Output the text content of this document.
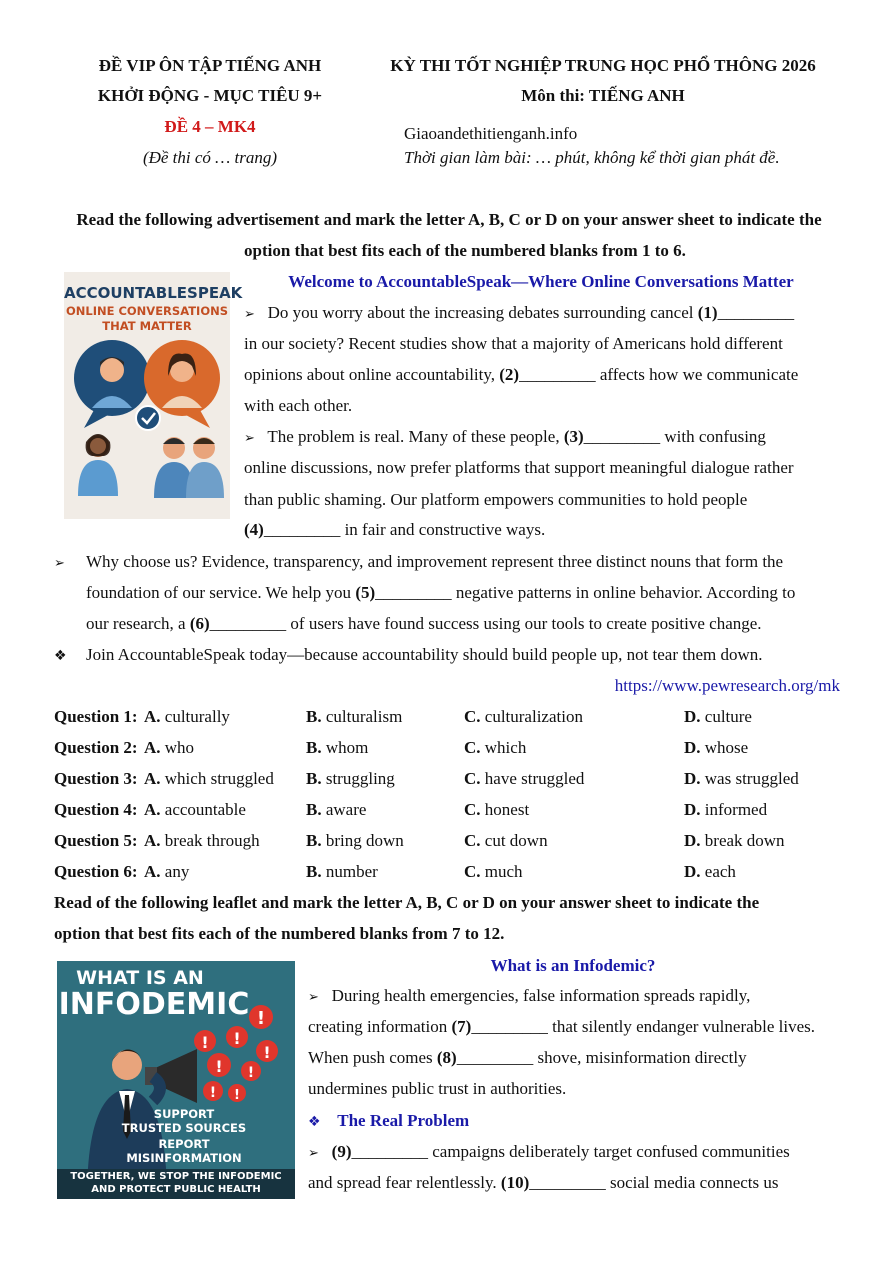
ĐỀ VIP ÔN TẬP TIẾNG ANH
KHỞI ĐỘNG - MỤC TIÊU 9+
ĐỀ 4 – MK4
(Đề thi có … trang)
KỲ THI TỐT NGHIỆP TRUNG HỌC PHỔ THÔNG 2026
Môn thi: TIẾNG ANH
Giaoandethitienganh.info
Thời gian làm bài: … phút, không kể thời gian phát đề.
Read the following advertisement and mark the letter A, B, C or D on your answer sheet to indicate the
option that best fits each of the numbered blanks from 1 to 6.
ACCOUNTABLESPEAK
ONLINE CONVERSATIONS
THAT MATTER
Welcome to AccountableSpeak—Where Online Conversations Matter
➢ Do you worry about the increasing debates surrounding cancel (1)_________
in our society? Recent studies show that a majority of Americans hold different
opinions about online accountability, (2)_________ affects how we communicate
with each other.
➢ The problem is real. Many of these people, (3)_________ with confusing
online discussions, now prefer platforms that support meaningful dialogue rather
than public shaming. Our platform empowers communities to hold people
(4)_________ in fair and constructive ways.
➢ Why choose us? Evidence, transparency, and improvement represent three distinct nouns that form the
foundation of our service. We help you (5)_________ negative patterns in online behavior. According to
our research, a (6)_________ of users have found success using our tools to create positive change.
❖ Join AccountableSpeak today—because accountability should build people up, not tear them down.
https://www.pewresearch.org/mk
Question 1: A. culturally	B. culturalism	C. culturalization	D. culture
Question 2: A. who	B. whom	C. which	D. whose
Question 3: A. which struggled B. struggling	C. have struggled	D. was struggled
Question 4: A. accountable	B. aware	C. honest	D. informed
Question 5: A. break through	B. bring down	C. cut down	D. break down
Question 6: A. any	B. number	C. much	D. each
Read of the following leaflet and mark the letter A, B, C or D on your answer sheet to indicate the
option that best fits each of the numbered blanks from 7 to 12.
WHAT IS AN
INFODEMIC !
! !
!
! !
! !
SUPPORT
TRUSTED SOURCES
REPORT
MISINFORMATION
TOGETHER, WE STOP THE INFODEMIC
AND PROTECT PUBLIC HEALTH
What is an Infodemic?
➢ During health emergencies, false information spreads rapidly,
creating information (7)_________ that silently endanger vulnerable lives.
When push comes (8)_________ shove, misinformation directly
undermines public trust in authorities.
❖ The Real Problem
➢ (9)_________ campaigns deliberately target confused communities
and spread fear relentlessly. (10)_________ social media connects us
